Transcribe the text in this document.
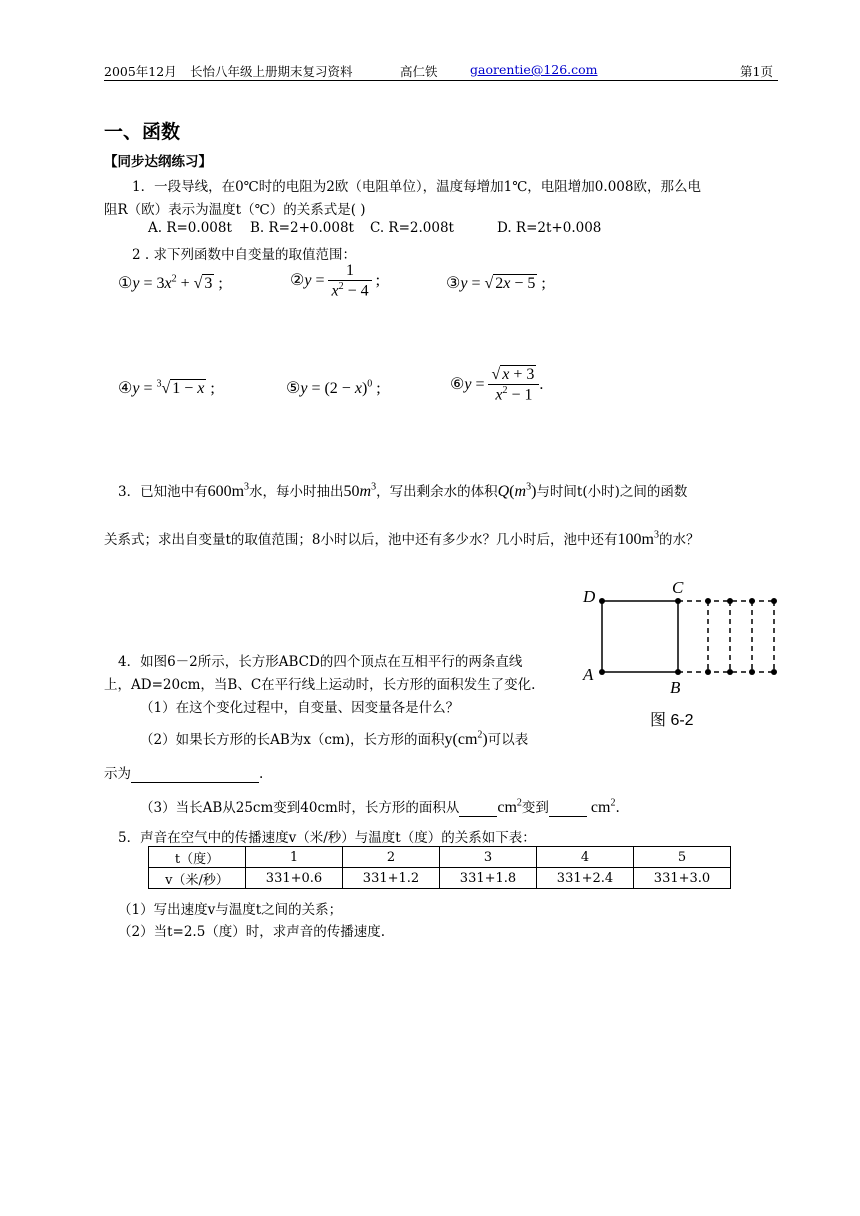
2005年12月 长怡八年级上册期末复习资料	高仁铁	gaorentie@126.com	第1页
一、函数
【同步达纲练习】
1．一段导线，在0℃时的电阻为2欧（电阻单位），温度每增加1℃，电阻增加0.008欧，那么电
阻R（欧）表示为温度t（℃）的关系式是( )
A. R=0.008t B. R=2+0.008t C. R=2.008t	D. R=2t+0.008
2 . 求下列函数中自变量的取值范围：
①y = $3x^2$ + √ 3 ;	②y = $\frac{1}{x^2 - 4}$ ;	③y = √ 2x − 5 ;
④y = $^3$√ 1 − x ;	⑤y = $(2 - x)^0$ ;	⑥y = $\frac{√ x + 3}{x^2 - 1}$ .
3．已知池中有$600m^3$水，每小时抽出$50m^3$，写出剩余水的体积$Q(m^3)$与时间t(小时)之间的函数
关系式；求出自变量t的取值范围；8小时以后，池中还有多少水？几小时后，池中还有$100m^3$的水？
D	C
A
B
图 6-2
4．如图6－2所示，长方形ABCD的四个顶点在互相平行的两条直线
上，AD=20cm，当B、C在平行线上运动时，长方形的面积发生了变化.
（1）在这个变化过程中，自变量、因变量各是什么？
（2）如果长方形的长AB为x（cm)，长方形的面积$y(cm^2)$可以表
示为	.
（3）当长AB从25cm变到40cm时，长方形的面积从 $cm^2$变到  $cm^2$.
5．声音在空气中的传播速度v（米/秒）与温度t（度）的关系如下表：
t（度）	1	2	3	4	5
v（米/秒）	331+0.6	331+1.2	331+1.8	331+2.4	331+3.0
（1）写出速度v与温度t之间的关系；
（2）当t=2.5（度）时，求声音的传播速度.
